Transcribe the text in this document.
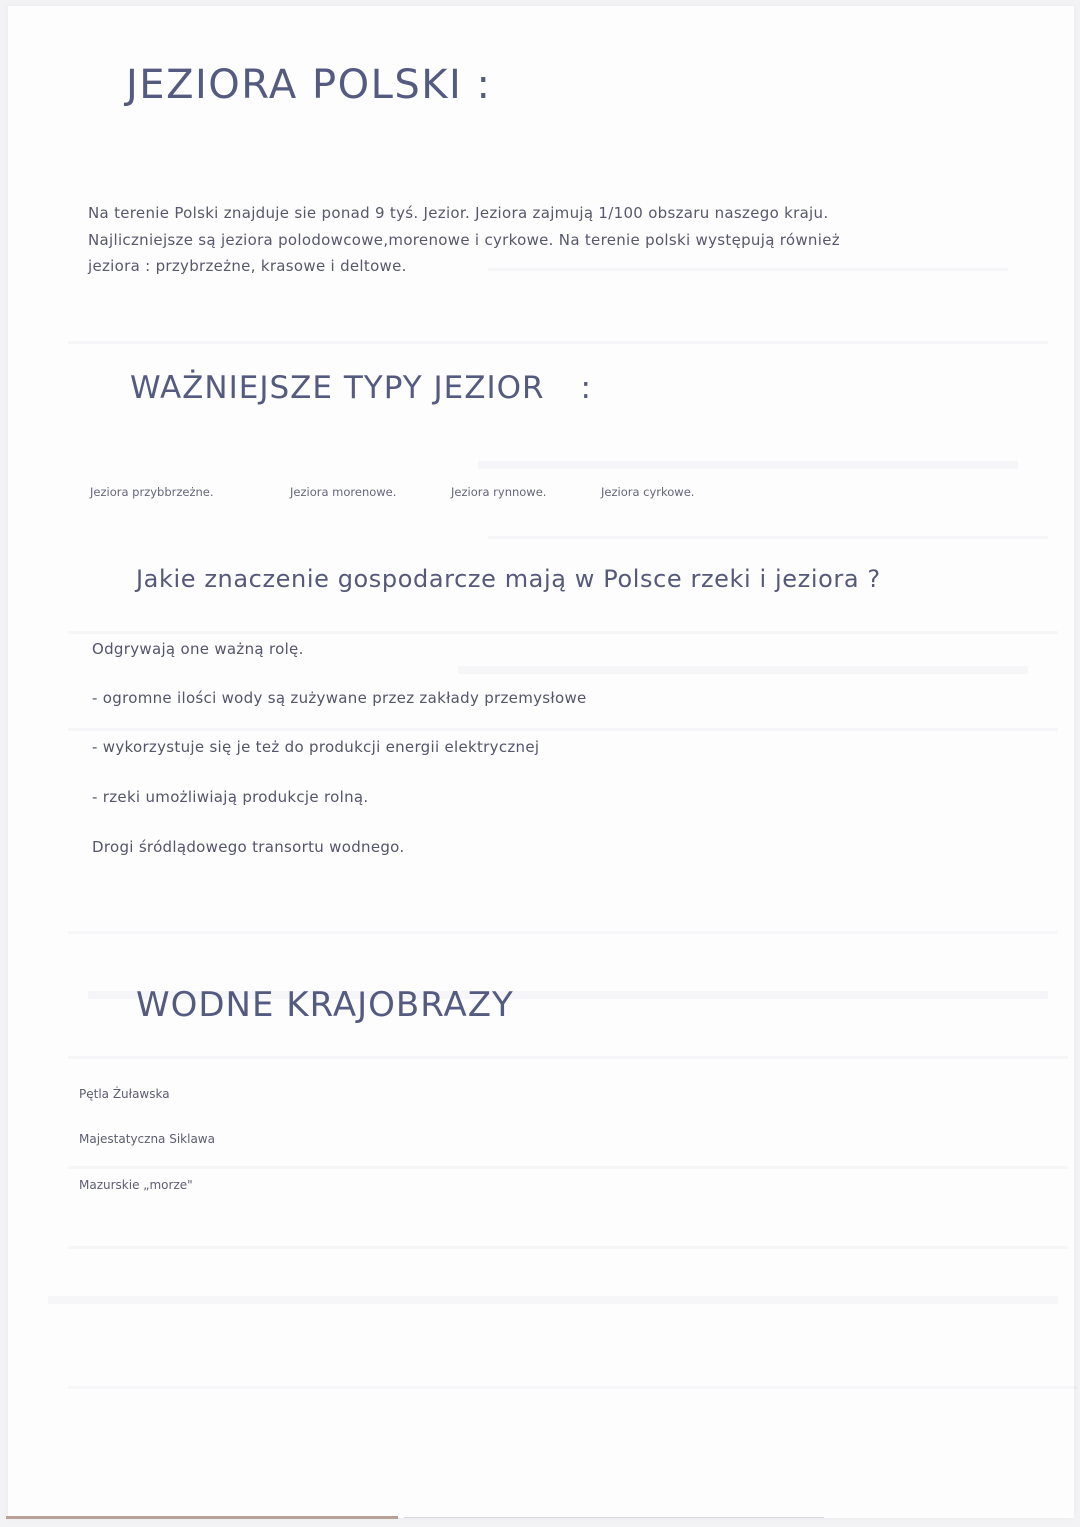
JEZIORA POLSKI :
Na terenie Polski znajduje sie ponad 9 tyś. Jezior. Jeziora zajmują 1/100 obszaru naszego kraju.
Najliczniejsze są jeziora polodowcowe,morenowe i cyrkowe. Na terenie polski występują również
jeziora : przybrzeżne, krasowe i deltowe.
WAŻNIEJSZE TYPY JEZIOR :
Jeziora przybbrzeżne.	Jeziora morenowe.	Jeziora rynnowe.	Jeziora cyrkowe.
Jakie znaczenie gospodarcze mają w Polsce rzeki i jeziora ?

Odgrywają one ważną rolę.

- ogromne ilości wody są zużywane przez zakłady przemysłowe

- wykorzystuje się je też do produkcji energii elektrycznej

- rzeki umożliwiają produkcje rolną.

Drogi śródlądowego transortu wodnego.

WODNE KRAJOBRAZY

Pętla Żuławska

Majestatyczna Siklawa

Mazurskie „morze"
